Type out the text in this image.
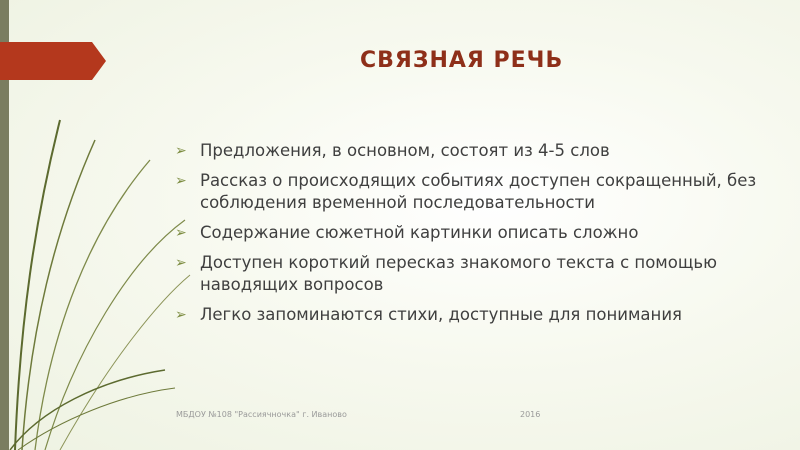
СВЯЗНАЯ РЕЧЬ
➢ Предложения, в основном, состоят из 4-5 слов
➢ Рассказ о происходящих событиях доступен сокращенный, без соблюдения временной последовательности
➢ Содержание сюжетной картинки описать сложно
➢ Доступен короткий пересказ знакомого текста с помощью наводящих вопросов
➢ Легко запоминаются стихи, доступные для понимания
МБДОУ №108 "Рассиячночка" г. Иваново	2016
